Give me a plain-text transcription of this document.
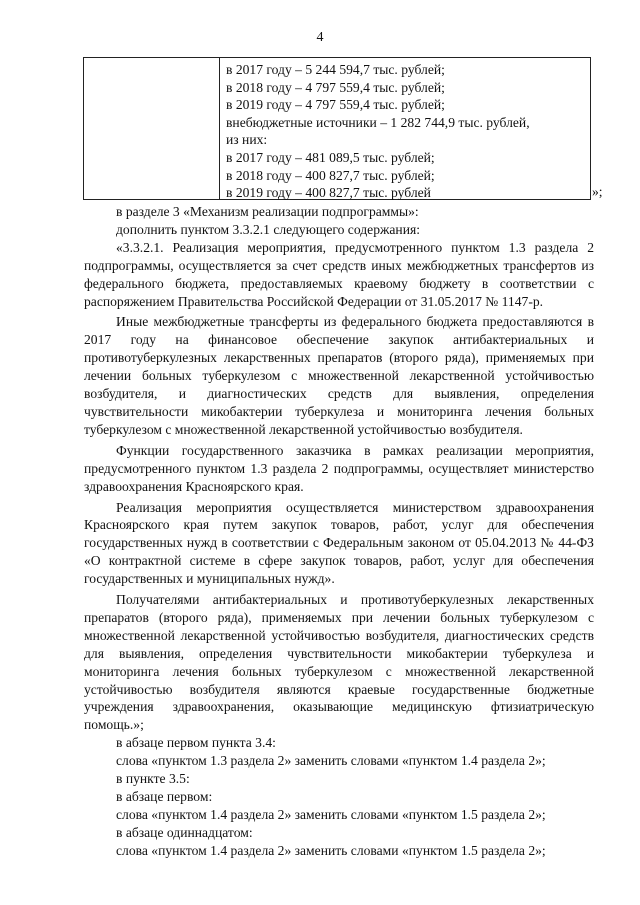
4
в 2017 году – 5 244 594,7 тыс. рублей;
в 2018 году – 4 797 559,4 тыс. рублей;
в 2019 году – 4 797 559,4 тыс. рублей;
внебюджетные источники – 1 282 744,9 тыс. рублей,
из них:
в 2017 году – 481 089,5 тыс. рублей;
в 2018 году – 400 827,7 тыс. рублей;
в 2019 году – 400 827,7 тыс. рублей	»;

в разделе 3 «Механизм реализации подпрограммы»:

дополнить пунктом 3.3.2.1 следующего содержания:

«3.3.2.1. Реализация мероприятия, предусмотренного пунктом 1.3 раздела 2 подпрограммы, осуществляется за счет средств иных межбюджетных трансфертов из федерального бюджета, предоставляемых краевому бюджету в соответствии с распоряжением Правительства Российской Федерации от 31.05.2017 № 1147-р.

Иные межбюджетные трансферты из федерального бюджета предоставляются в 2017 году на финансовое обеспечение закупок антибактериальных и противотуберкулезных лекарственных препаратов (второго ряда), применяемых при лечении больных туберкулезом с множественной лекарственной устойчивостью возбудителя, и диагностических средств для выявления, определения чувствительности микобактерии туберкулеза и мониторинга лечения больных туберкулезом с множественной лекарственной устойчивостью возбудителя.

Функции государственного заказчика в рамках реализации мероприятия, предусмотренного пунктом 1.3 раздела 2 подпрограммы, осуществляет министерство здравоохранения Красноярского края.

Реализация мероприятия осуществляется министерством здравоохранения Красноярского края путем закупок товаров, работ, услуг для обеспечения государственных нужд в соответствии с Федеральным законом от 05.04.2013 № 44-ФЗ «О контрактной системе в сфере закупок товаров, работ, услуг для обеспечения государственных и муниципальных нужд».

Получателями антибактериальных и противотуберкулезных лекарственных препаратов (второго ряда), применяемых при лечении больных туберкулезом с множественной лекарственной устойчивостью возбудителя, диагностических средств для выявления, определения чувствительности микобактерии туберкулеза и мониторинга лечения больных туберкулезом с множественной лекарственной устойчивостью возбудителя являются краевые государственные бюджетные учреждения здравоохранения, оказывающие медицинскую фтизиатрическую помощь.»;

в абзаце первом пункта 3.4:

слова «пунктом 1.3 раздела 2» заменить словами «пунктом 1.4 раздела 2»;

в пункте 3.5:

в абзаце первом:

слова «пунктом 1.4 раздела 2» заменить словами «пунктом 1.5 раздела 2»;

в абзаце одиннадцатом:

слова «пунктом 1.4 раздела 2» заменить словами «пунктом 1.5 раздела 2»;
